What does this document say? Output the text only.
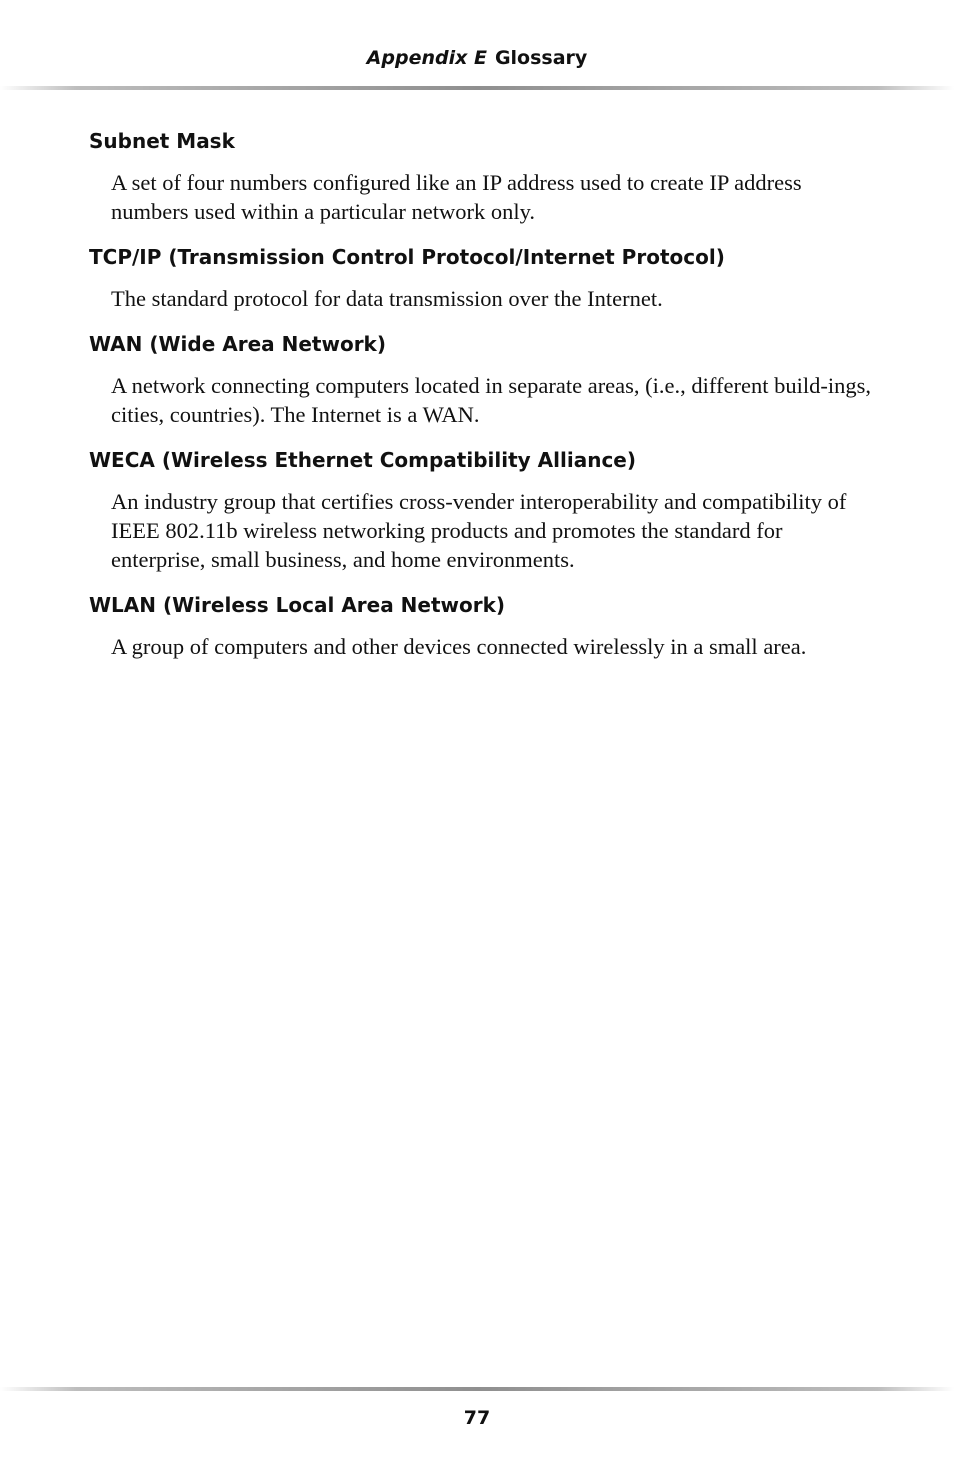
Appendix E Glossary

Subnet Mask

A set of four numbers configured like an IP address used to create IP address numbers used within a particular network only.

TCP/IP (Transmission Control Protocol/Internet Protocol)

The standard protocol for data transmission over the Internet.

WAN (Wide Area Network)

A network connecting computers located in separate areas, (i.e., different build-ings, cities, countries). The Internet is a WAN.

WECA (Wireless Ethernet Compatibility Alliance)

An industry group that certifies cross-vender interoperability and compatibility of IEEE 802.11b wireless networking products and promotes the standard for enterprise, small business, and home environments.

WLAN (Wireless Local Area Network)

A group of computers and other devices connected wirelessly in a small area.

77
